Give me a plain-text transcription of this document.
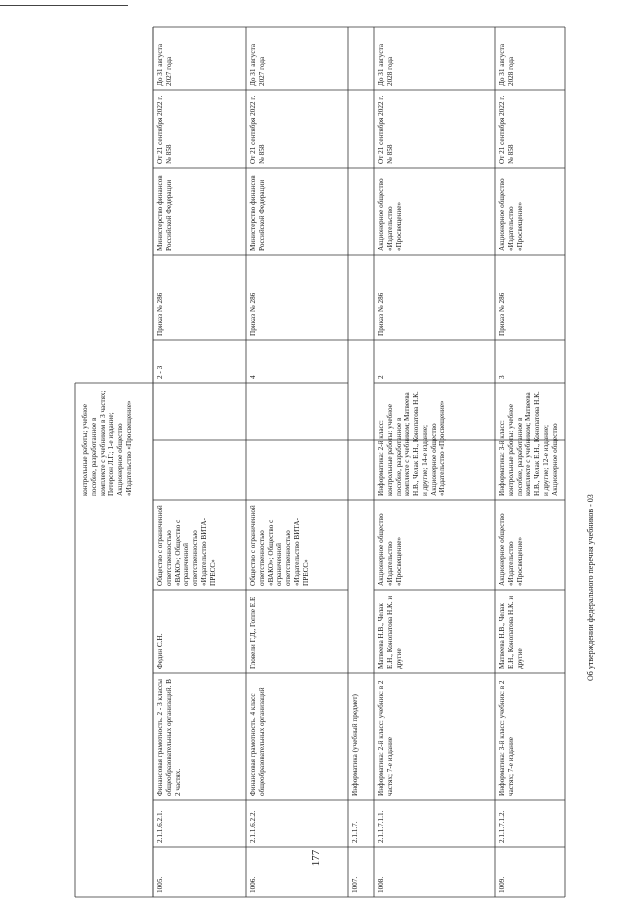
177
Об утверждении федерального перечня учебников - 03
контрольные работы; учебное пособие, разработанное в комплекте с учебником в 3 частях; Петерсон Л.Г.; 1-е издание; Акционерное общество «Издательство «Просвещение»
1005.
2.1.1.6.2.1.
Финансовая грамотность. 2 - 3 классы общеобразовательных организаций. В 2 частях.
Федин С.Н.
Общество с ограниченной ответственностью «ВАКО»; Общество с ограниченной ответственностью «Издательство ВИТА-ПРЕСС»
2 - 3
Приказ № 286
Министерство финансов Российской Федерации
От 21 сентября 2022 г. № 858
До 31 августа 2027 года
1006.
2.1.1.6.2.2.
Финансовая грамотность. 4 класс общеобразовательных организаций
Гловели Г.Д., Гоппе Е.Е
Общество с ограниченной ответственностью «ВАКО»; Общество с ограниченной ответственностью «Издательство ВИТА-ПРЕСС»
4
Приказ № 286
Министерство финансов Российской Федерации
От 21 сентября 2022 г. № 858
До 31 августа 2027 года
1007.
2.1.1.7.
Информатика (учебный предмет)
1008.
2.1.1.7.1.1.
Информатика: 2-й класс: учебник: в 2 частях; 7-е издание
Матвеева Н.В., Челак Е.Н., Конопатова Н.К. и другие
Акционерное общество «Издательство «Просвещение»
Информатика: 2-й класс: контрольные работы: учебное пособие, разработанное в комплекте с учебником; Матвеева Н.В., Челак Е.Н., Конопатова Н.К. и другие; 14-е издание; Акционерное общество «Издательство «Просвещение»
2
Приказ № 286
Акционерное общество «Издательство «Просвещение»
От 21 сентября 2022 г. № 858
До 31 августа 2028 года
1009.
2.1.1.7.1.2.
Информатика: 3-й класс: учебник: в 2 частях; 7-е издание
Матвеева Н.В., Челак Е.Н., Конопатова Н.К. и другие
Акционерное общество «Издательство «Просвещение»
Информатика: 3-й класс: контрольные работы: учебное пособие, разработанное в комплекте с учебником; Матвеева Н.В., Челак Е.Н., Конопатова Н.К. и другие; 12-е издание; Акционерное общество
3
Приказ № 286
Акционерное общество «Издательство «Просвещение»
От 21 сентября 2022 г. № 858
До 31 августа 2028 года
